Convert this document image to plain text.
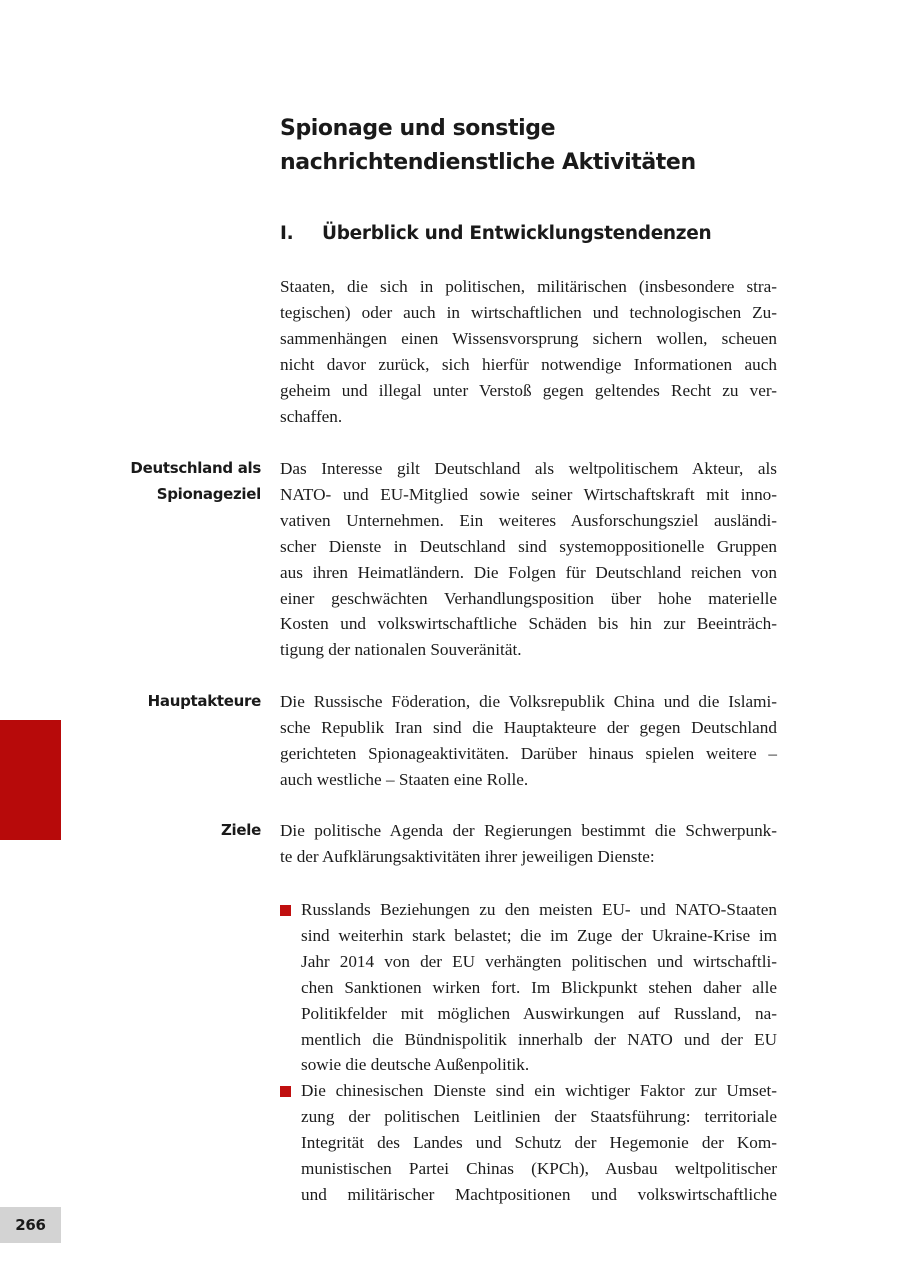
Spionage und sonstige
nachrichtendienstliche Aktivitäten
I. Überblick und Entwicklungstendenzen

Staaten, die sich in politischen, militärischen (insbesondere stra-
tegischen) oder auch in wirtschaftlichen und technologischen Zu-
sammenhängen einen Wissensvorsprung sichern wollen, scheuen
nicht davor zurück, sich hierfür notwendige Informationen auch
geheim und illegal unter Verstoß gegen geltendes Recht zu ver-
schaffen.

Deutschland als
Spionageziel

Das Interesse gilt Deutschland als weltpolitischem Akteur, als
NATO- und EU-Mitglied sowie seiner Wirtschaftskraft mit inno-
vativen Unternehmen. Ein weiteres Ausforschungsziel ausländi-
scher Dienste in Deutschland sind systemoppositionelle Gruppen
aus ihren Heimatländern. Die Folgen für Deutschland reichen von
einer geschwächten Verhandlungsposition über hohe materielle
Kosten und volkswirtschaftliche Schäden bis hin zur Beeinträch-
tigung der nationalen Souveränität.

Hauptakteure Die Russische Föderation, die Volksrepublik China und die Islami-
sche Republik Iran sind die Hauptakteure der gegen Deutschland
gerichteten Spionageaktivitäten. Darüber hinaus spielen weitere –
auch westliche – Staaten eine Rolle.

Ziele Die politische Agenda der Regierungen bestimmt die Schwerpunk-
te der Aufklärungsaktivitäten ihrer jeweiligen Dienste:

Russlands Beziehungen zu den meisten EU- und NATO-Staaten
sind weiterhin stark belastet; die im Zuge der Ukraine-Krise im
Jahr 2014 von der EU verhängten politischen und wirtschaftli-
chen Sanktionen wirken fort. Im Blickpunkt stehen daher alle
Politikfelder mit möglichen Auswirkungen auf Russland, na-
mentlich die Bündnispolitik innerhalb der NATO und der EU
sowie die deutsche Außenpolitik.
Die chinesischen Dienste sind ein wichtiger Faktor zur Umset-
zung der politischen Leitlinien der Staatsführung: territoriale
Integrität des Landes und Schutz der Hegemonie der Kom-
munistischen Partei Chinas (KPCh), Ausbau weltpolitischer
und militärischer Machtpositionen und volkswirtschaftliche
266
